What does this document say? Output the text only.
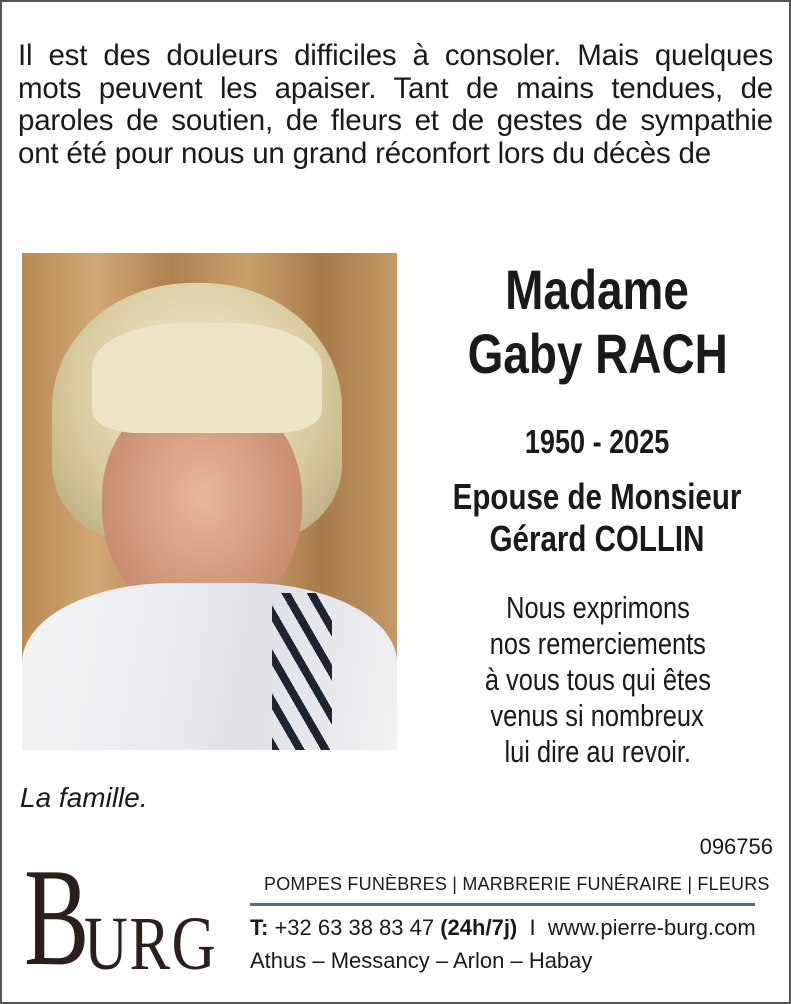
Il est des douleurs difficiles à consoler. Mais quelques mots peuvent les apaiser. Tant de mains tendues, de paroles de soutien, de fleurs et de gestes de sympathie ont été pour nous un grand réconfort lors du décès de
Madame
Gaby RACH
1950 - 2025
Epouse de Monsieur
Gérard COLLIN
Nous exprimons
nos remerciements
à vous tous qui êtes
venus si nombreux
lui dire au revoir.
La famille.
096756
B
URG
POMPES FUNÈBRES | MARBRERIE FUNÉRAIRE | FLEURS
T: +32 63 38 83 47 (24h/7j) I www.pierre-burg.com
Athus – Messancy – Arlon – Habay
